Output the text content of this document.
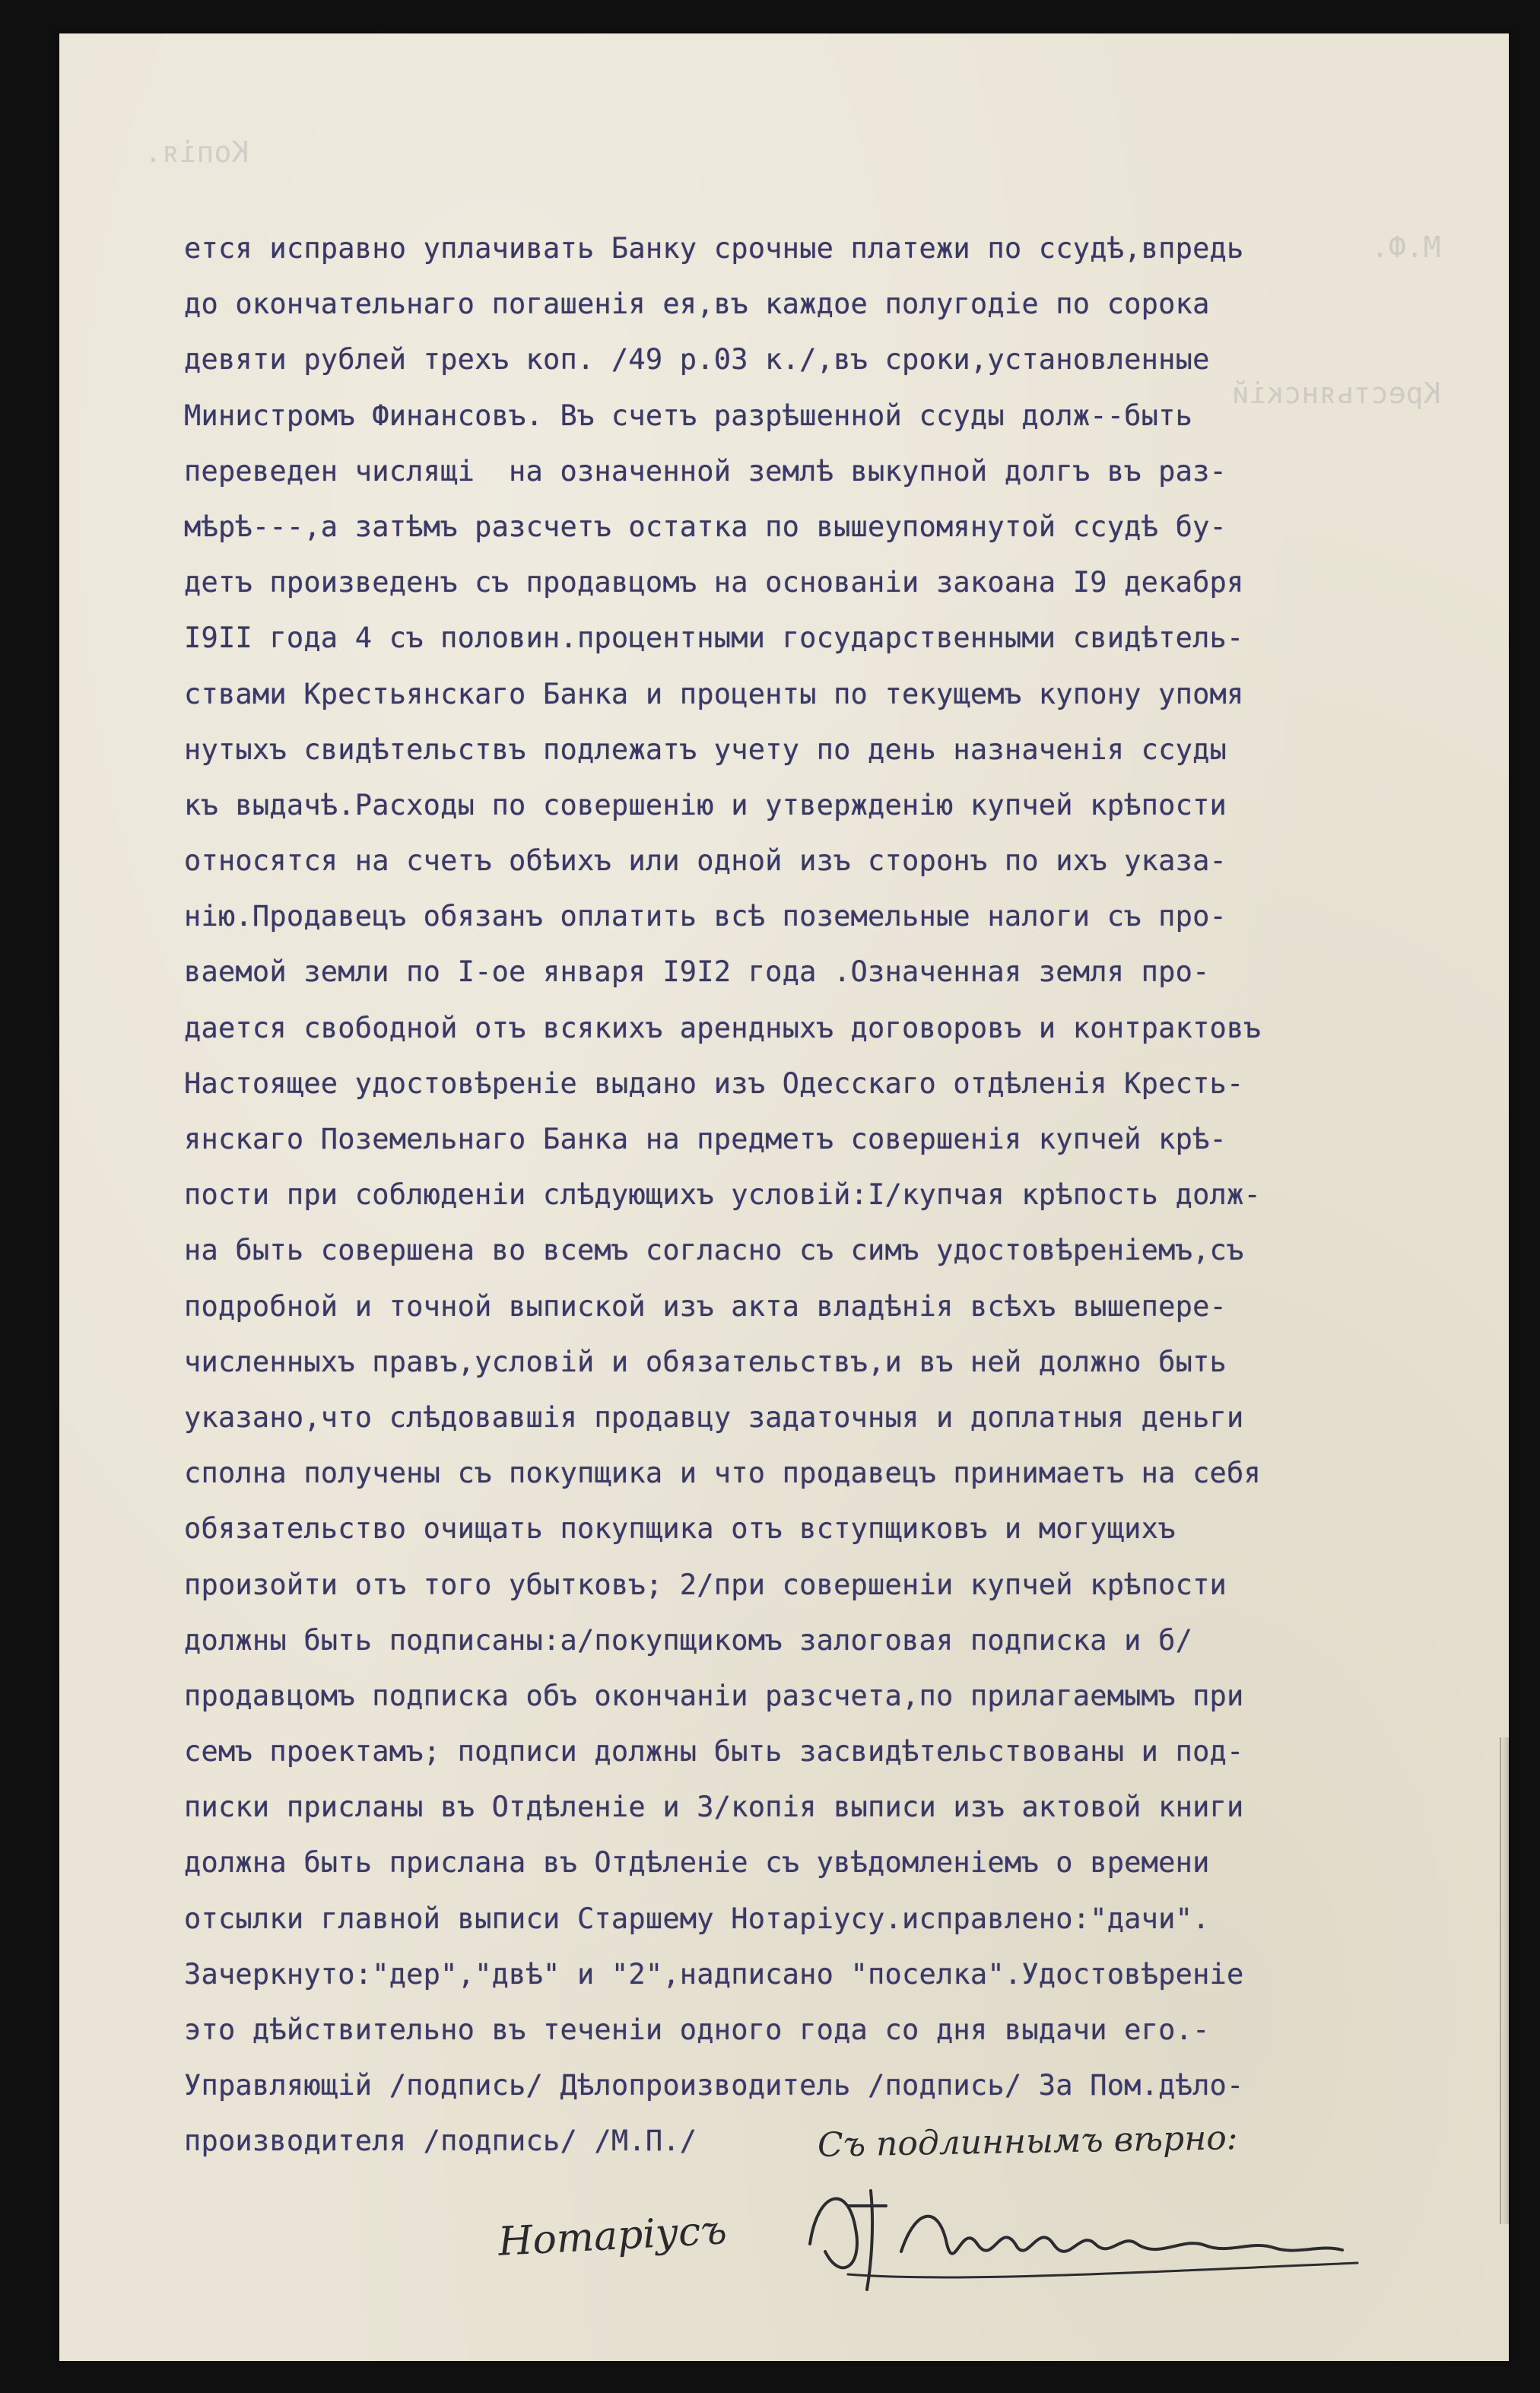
Копія.

М.Ф.

Крестьянскій

ется исправно уплачивать Банку срочные платежи по ссудѣ,впредь
до окончательнаго погашенія ея,въ каждое полугодіе по сорока
девяти рублей трехъ коп. /49 р.03 к./,въ сроки,установленные
Министромъ Финансовъ. Въ счетъ разрѣшенной ссуды долж--быть
переведен числящі  на означенной землѣ выкупной долгъ въ раз-
мѣрѣ---,а затѣмъ разсчетъ остатка по вышеупомянутой ссудѣ бу-
детъ произведенъ съ продавцомъ на основаніи закоана I9 декабря
I9II года 4 съ половин.процентными государственными свидѣтель-
ствами Крестьянскаго Банка и проценты по текущемъ купону упомя
нутыхъ свидѣтельствъ подлежатъ учету по день назначенія ссуды
къ выдачѣ.Расходы по совершенію и утвержденію купчей крѣпости
относятся на счетъ обѣихъ или одной изъ сторонъ по ихъ указа-
нію.Продавецъ обязанъ оплатить всѣ поземельные налоги съ про-
ваемой земли по I-ое января I9I2 года .Означенная земля про-
дается свободной отъ всякихъ арендныхъ договоровъ и контрактовъ
Настоящее удостовѣреніе выдано изъ Одесскаго отдѣленія Кресть-
янскаго Поземельнаго Банка на предметъ совершенія купчей крѣ-
пости при соблюденіи слѣдующихъ условій:I/купчая крѣпость долж-
на быть совершена во всемъ согласно съ симъ удостовѣреніемъ,съ
подробной и точной выпиской изъ акта владѣнія всѣхъ вышепере-
численныхъ правъ,условій и обязательствъ,и въ ней должно быть
указано,что слѣдовавшія продавцу задаточныя и доплатныя деньги
сполна получены съ покупщика и что продавецъ принимаетъ на себя
обязательство очищать покупщика отъ вступщиковъ и могущихъ
произойти отъ того убытковъ; 2/при совершеніи купчей крѣпости
должны быть подписаны:а/покупщикомъ залоговая подписка и б/
продавцомъ подписка объ окончаніи разсчета,по прилагаемымъ при
семъ проектамъ; подписи должны быть засвидѣтельствованы и под-
писки присланы въ Отдѣленіе и 3/копія выписи изъ актовой книги
должна быть прислана въ Отдѣленіе съ увѣдомленіемъ о времени
отсылки главной выписи Старшему Нотаріусу.исправлено:"дачи".
Зачеркнуто:"дер","двѣ" и "2",надписано "поселка".Удостовѣреніе
это дѣйствительно въ теченіи одного года со дня выдачи его.-
Управляющій /подпись/ Дѣлопроизводитель /подпись/ За Пом.дѣло-
производителя /подпись/ /М.П./	Съ подлиннымъ вѣрно:
Нотаріусъ
